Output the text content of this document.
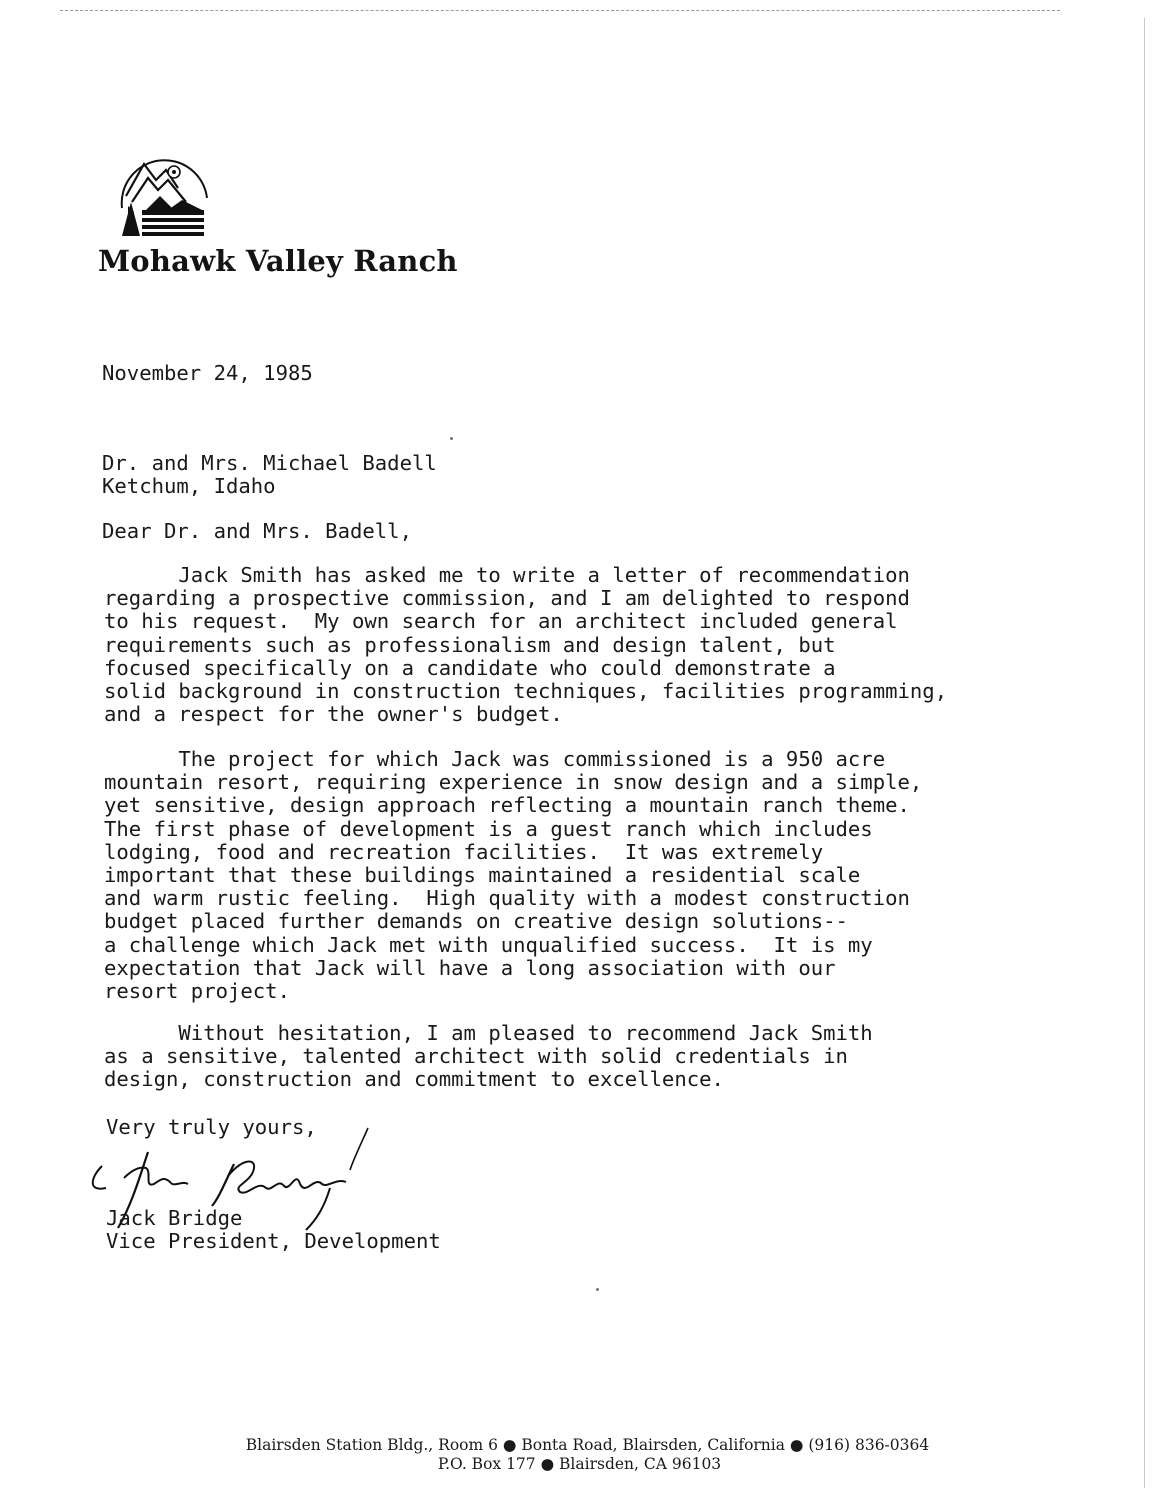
Mohawk Valley Ranch
November 24, 1985
Dr. and Mrs. Michael Badell
Ketchum, Idaho
Dear Dr. and Mrs. Badell,
Jack Smith has asked me to write a letter of recommendation
regarding a prospective commission, and I am delighted to respond
to his request.  My own search for an architect included general
requirements such as professionalism and design talent, but
focused specifically on a candidate who could demonstrate a
solid background in construction techniques, facilities programming,
and a respect for the owner's budget.
The project for which Jack was commissioned is a 950 acre
mountain resort, requiring experience in snow design and a simple,
yet sensitive, design approach reflecting a mountain ranch theme.
The first phase of development is a guest ranch which includes
lodging, food and recreation facilities.  It was extremely
important that these buildings maintained a residential scale
and warm rustic feeling.  High quality with a modest construction
budget placed further demands on creative design solutions--
a challenge which Jack met with unqualified success.  It is my
expectation that Jack will have a long association with our
resort project.
Without hesitation, I am pleased to recommend Jack Smith
as a sensitive, talented architect with solid credentials in
design, construction and commitment to excellence.
Very truly yours,
Jack Bridge
Vice President, Development
Blairsden Station Bldg., Room 6 ● Bonta Road, Blairsden, California ● (916) 836-0364
P.O. Box 177 ● Blairsden, CA 96103
